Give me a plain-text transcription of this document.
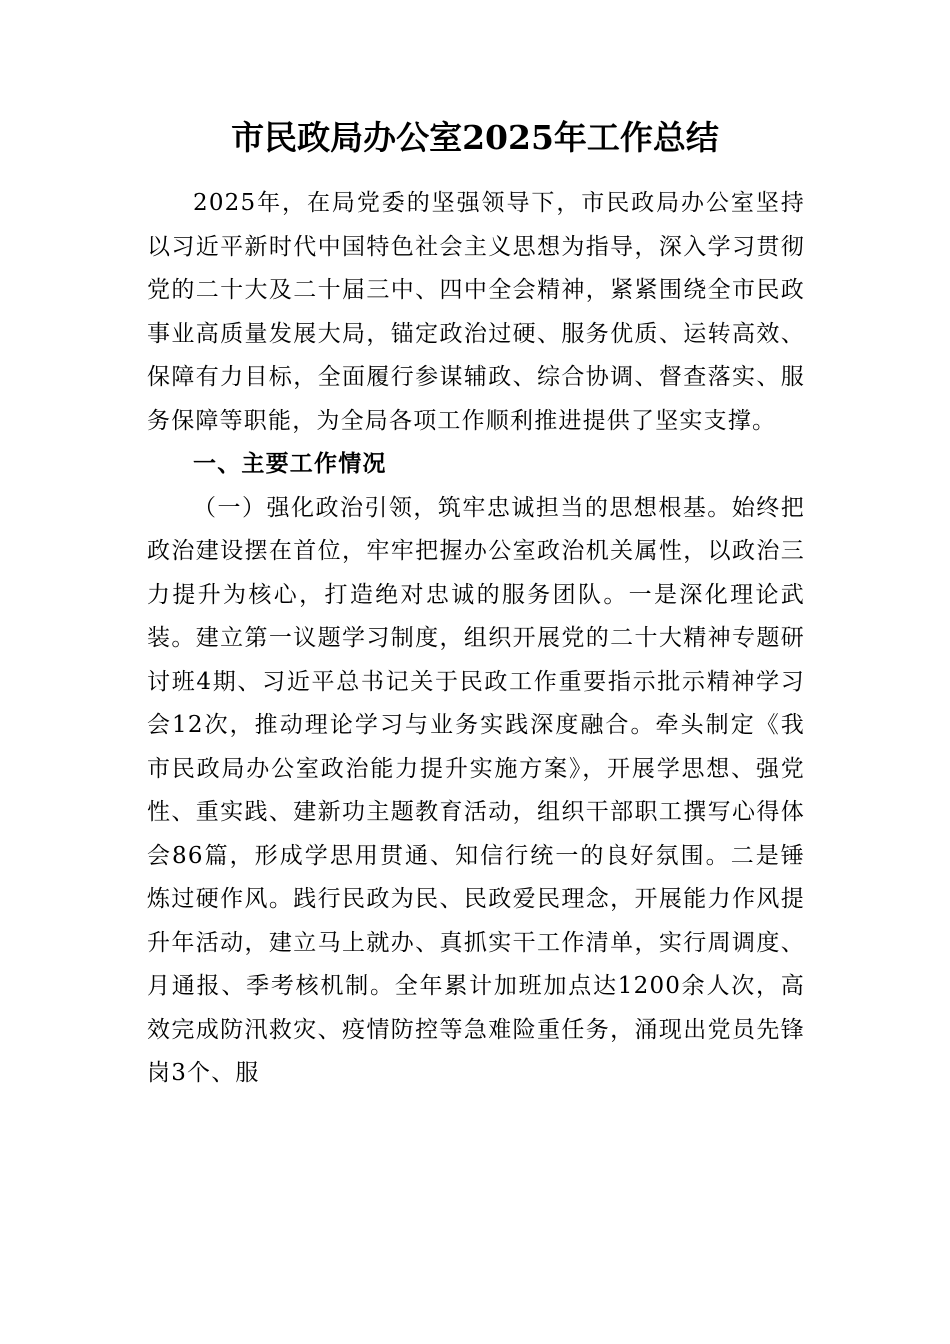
市民政局办公室2025年工作总结

2025年，在局党委的坚强领导下，市民政局办公室坚持以习近平新时代中国特色社会主义思想为指导，深入学习贯彻党的二十大及二十届三中、四中全会精神，紧紧围绕全市民政事业高质量发展大局，锚定政治过硬、服务优质、运转高效、保障有力目标，全面履行参谋辅政、综合协调、督查落实、服务保障等职能，为全局各项工作顺利推进提供了坚实支撑。

一、主要工作情况

（一）强化政治引领，筑牢忠诚担当的思想根基。始终把政治建设摆在首位，牢牢把握办公室政治机关属性，以政治三力提升为核心，打造绝对忠诚的服务团队。一是深化理论武装。建立第一议题学习制度，组织开展党的二十大精神专题研讨班4期、习近平总书记关于民政工作重要指示批示精神学习会12次，推动理论学习与业务实践深度融合。牵头制定《我市民政局办公室政治能力提升实施方案》，开展学思想、强党性、重实践、建新功主题教育活动，组织干部职工撰写心得体会86篇，形成学思用贯通、知信行统一的良好氛围。二是锤炼过硬作风。践行民政为民、民政爱民理念，开展能力作风提升年活动，建立马上就办、真抓实干工作清单，实行周调度、月通报、季考核机制。全年累计加班加点达1200余人次，高效完成防汛救灾、疫情防控等急难险重任务，涌现出党员先锋岗3个、服
